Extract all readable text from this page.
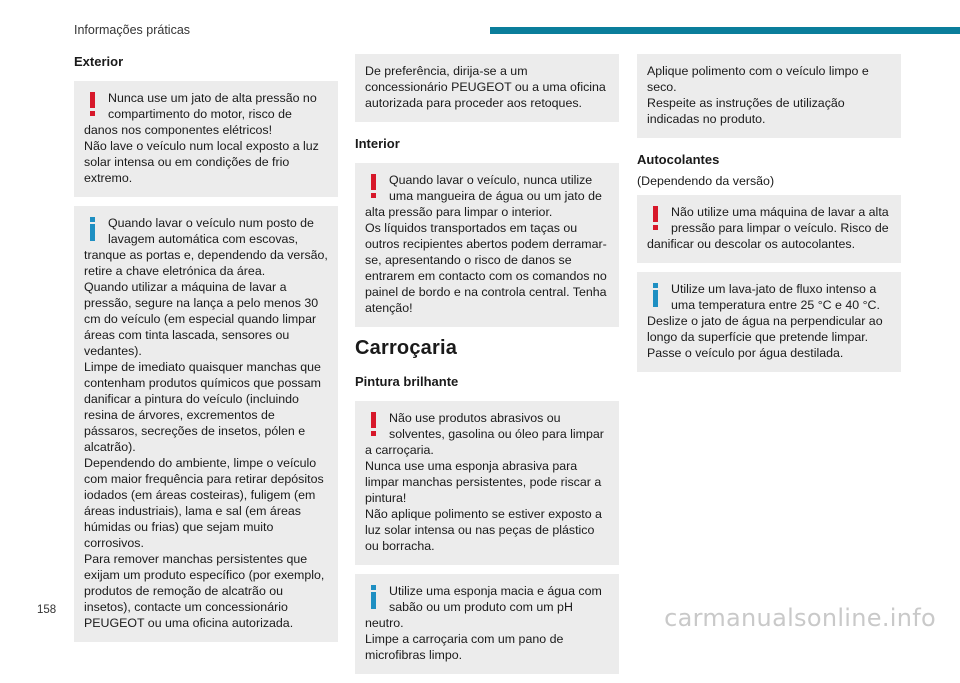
Informações práticas
Exterior
Nunca use um jato de alta pressão no compartimento do motor, risco de danos nos componentes elétricos!
Não lave o veículo num local exposto a luz solar intensa ou em condições de frio extremo.
Quando lavar o veículo num posto de lavagem automática com escovas, tranque as portas e, dependendo da versão, retire a chave eletrónica da área.
Quando utilizar a máquina de lavar a pressão, segure na lança a pelo menos 30 cm do veículo (em especial quando limpar áreas com tinta lascada, sensores ou vedantes).
Limpe de imediato quaisquer manchas que contenham produtos químicos que possam danificar a pintura do veículo (incluindo resina de árvores, excrementos de pássaros, secreções de insetos, pólen e alcatrão).
Dependendo do ambiente, limpe o veículo com maior frequência para retirar depósitos iodados (em áreas costeiras), fuligem (em áreas industriais), lama e sal (em áreas húmidas ou frias) que sejam muito corrosivos.
Para remover manchas persistentes que exijam um produto específico (por exemplo, produtos de remoção de alcatrão ou insetos), contacte um concessionário PEUGEOT ou uma oficina autorizada.
De preferência, dirija-se a um concessionário PEUGEOT ou a uma oficina autorizada para proceder aos retoques.
Interior
Quando lavar o veículo, nunca utilize uma mangueira de água ou um jato de alta pressão para limpar o interior.
Os líquidos transportados em taças ou outros recipientes abertos podem derramar-se, apresentando o risco de danos se entrarem em contacto com os comandos no painel de bordo e na controla central. Tenha atenção!
Carroçaria
Pintura brilhante
Não use produtos abrasivos ou solventes, gasolina ou óleo para limpar a carroçaria.
Nunca use uma esponja abrasiva para limpar manchas persistentes, pode riscar a pintura!
Não aplique polimento se estiver exposto a luz solar intensa ou nas peças de plástico ou borracha.
Utilize uma esponja macia e água com sabão ou um produto com um pH neutro.
Limpe a carroçaria com um pano de microfibras limpo.
Aplique polimento com o veículo limpo e seco.
Respeite as instruções de utilização indicadas no produto.
Autocolantes
(Dependendo da versão)
Não utilize uma máquina de lavar a alta pressão para limpar o veículo. Risco de danificar ou descolar os autocolantes.
Utilize um lava-jato de fluxo intenso a uma temperatura entre 25 °C e 40 °C.
Deslize o jato de água na perpendicular ao longo da superfície que pretende limpar.
Passe o veículo por água destilada.
158	carmanualsonline.info
